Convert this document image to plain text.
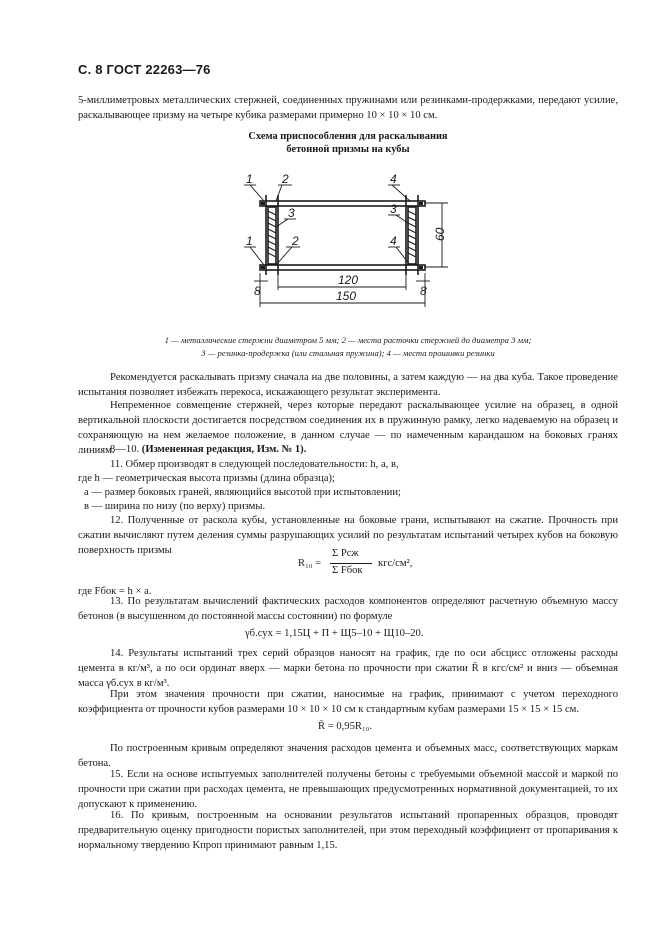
С. 8 ГОСТ 22263—76
5-миллиметровых металлических стержней, соединенных пружинами или резинками-продержками, передают усилие, раскалывающее призму на четыре кубика размерами примерно 10 × 10 × 10 см.
Схема приспособления для раскалывания
бетонной призмы на кубы
1 2
3
1	2
4
3
4
120
150
8	8
60
1 — металлические стержни диаметром 5 мм; 2 — места расточки стержней до диаметра 3 мм;
3 — резинка-продержка (или стальная пружина); 4 — места прошивки резинки
Рекомендуется раскалывать призму сначала на две половины, а затем каждую — на два куба. Такое проведение испытания позволяет избежать перекоса, искажающего результат эксперимента.
Непременное совмещение стержней, через которые передают раскалывающее усилие на образец, в одной вертикальной плоскости достигается посредством соединения их в пружинную рамку, легко надеваемую на образец и сохраняющую на нем желаемое положение, в данном случае — по намеченным карандашом на боковых гранях линиям.
8—10. (Измененная редакция, Изм. № 1).
11. Обмер производят в следующей последовательности: h, a, в,
где h — геометрическая высота призмы (длина образца);
a — размер боковых граней, являющийся высотой при испытовлении;
в — ширина по низу (по верху) призмы.
12. Полученные от раскола кубы, установленные на боковые грани, испытывают на сжатие. Прочность при сжатии вычисляют путем деления суммы разрушающих усилий по результатам испытаний четырех кубов на боковую поверхность призмы
R₁₀ =
Σ Pсж
Σ Fбок
кгс/см²,
где Fбок = h × a.
13. По результатам вычислений фактических расходов компонентов определяют расчетную объемную массу бетонов (в высушенном до постоянной массы состоянии) по формуле
γб.сух = 1,15Ц + П + Щ5–10 + Щ10–20.
14. Результаты испытаний трех серий образцов наносят на график, где по оси абсцисс отложены расходы цемента в кг/м³, а по оси ординат вверх — марки бетона по прочности при сжатии R̄ в кгс/см² и вниз — объемная масса γб.сух в кг/м³.
При этом значения прочности при сжатии, наносимые на график, принимают с учетом переходного коэффициента от прочности кубов размерами 10 × 10 × 10 см к стандартным кубам размерами 15 × 15 × 15 см.
R̄ = 0,95R₁₀.
По построенным кривым определяют значения расходов цемента и объемных масс, соответствующих маркам бетона.
15. Если на основе испытуемых заполнителей получены бетоны с требуемыми объемной массой и маркой по прочности при сжатии при расходах цемента, не превышающих предусмотренных нормативной документацией, то их допускают к применению.
16. По кривым, построенным на основании результатов испытаний пропаренных образцов, проводят предварительную оценку пригодности пористых заполнителей, при этом переходный коэффициент от пропаривания к нормальному твердению Kпроп принимают равным 1,15.
